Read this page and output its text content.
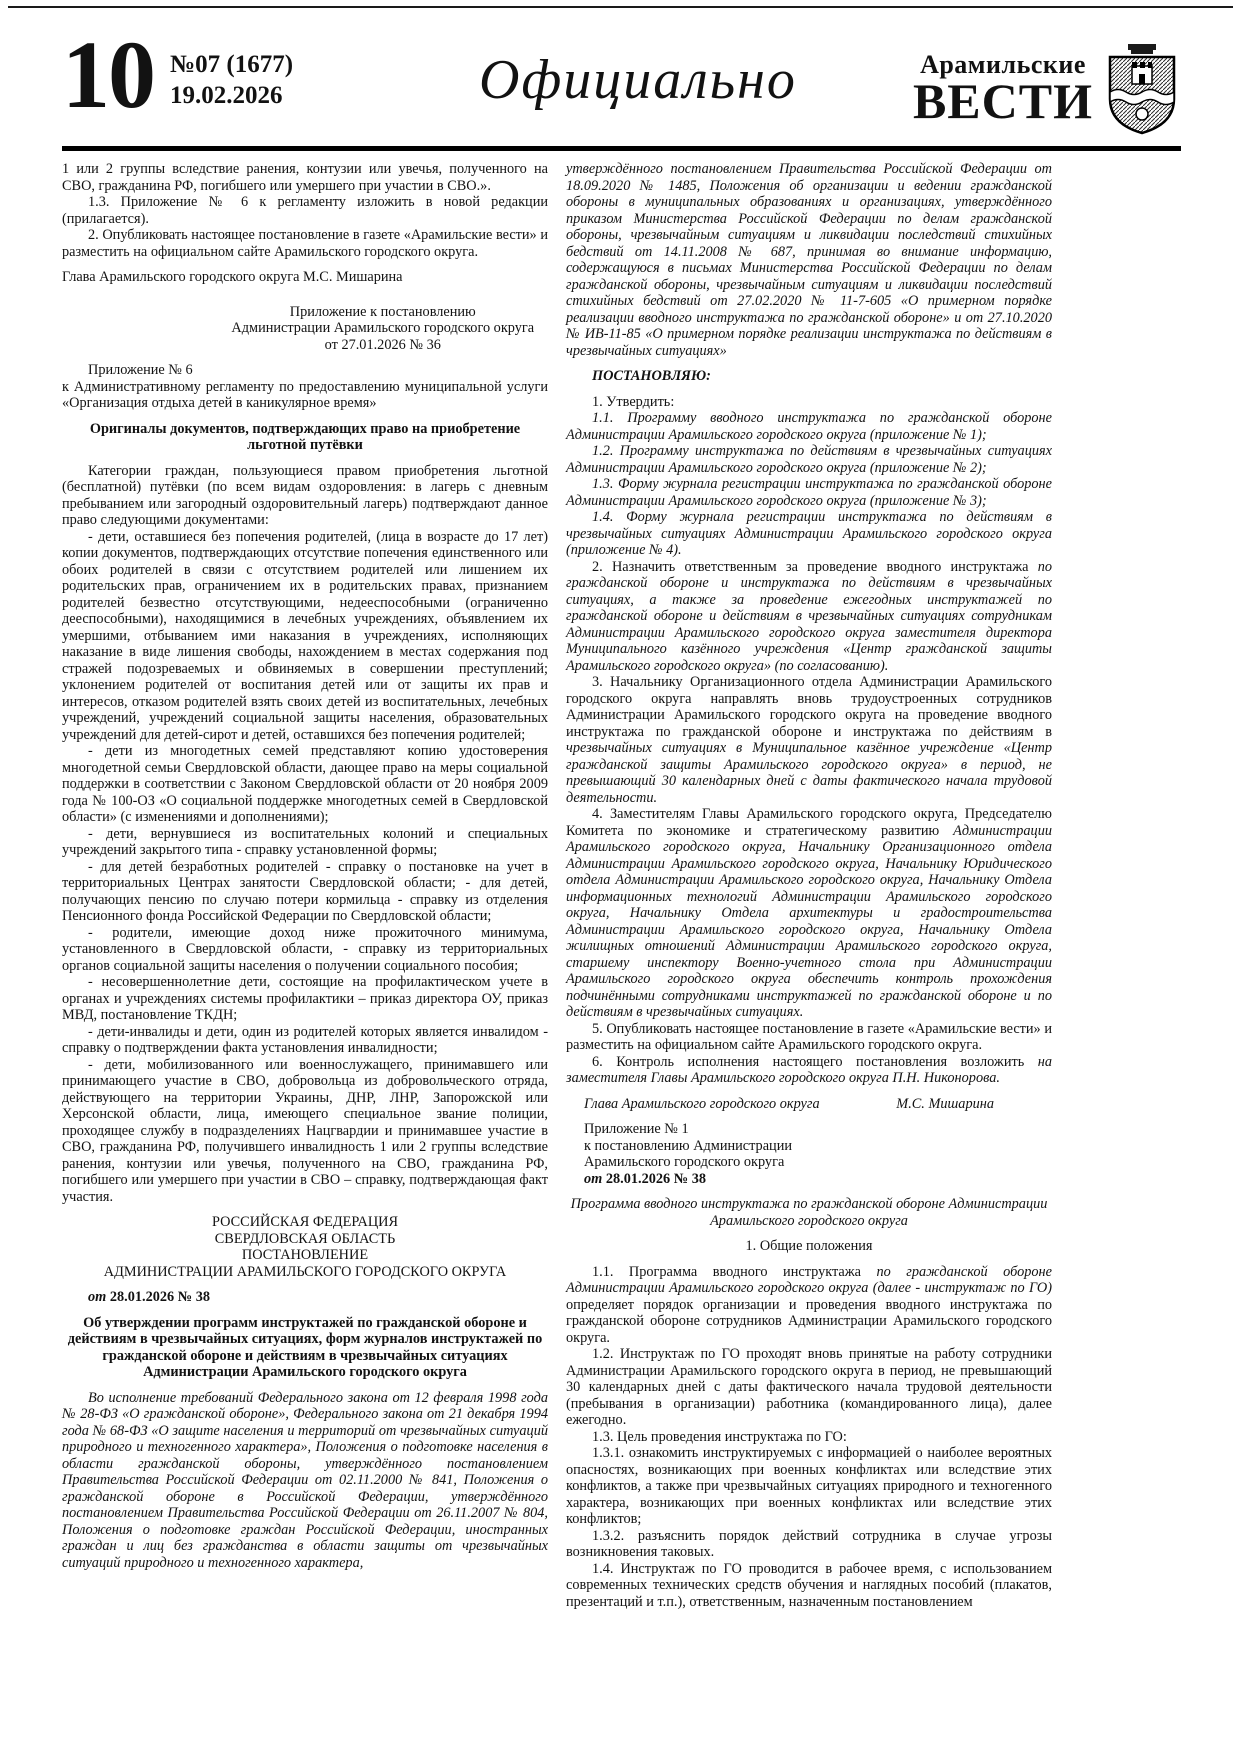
10 №07 (1677)
19.02.2026	Официально	Арамильские
ВЕСТИ
1 или 2 группы вследствие ранения, контузии или увечья, полученного на СВО, гражданина РФ, погибшего или умершего при участии в СВО.».
1.3. Приложение № 6 к регламенту изложить в новой редакции (прилагается).
2. Опубликовать настоящее постановление в газете «Арамильские вести» и разместить на официальном сайте Арамильского городского округа.
Глава Арамильского городского округа М.С. Мишарина
Приложение к постановлению
Администрации Арамильского городского округа
от 27.01.2026 № 36
Приложение № 6
к Административному регламенту по предоставлению муниципальной услуги «Организация отдыха детей в каникулярное время»
Оригиналы документов, подтверждающих право на приобретение льготной путёвки
Категории граждан, пользующиеся правом приобретения льготной (бесплатной) путёвки (по всем видам оздоровления: в лагерь с дневным пребыванием или загородный оздоровительный лагерь) подтверждают данное право следующими документами:
- дети, оставшиеся без попечения родителей, (лица в возрасте до 17 лет) копии документов, подтверждающих отсутствие попечения единственного или обоих родителей в связи с отсутствием родителей или лишением их родительских прав, ограничением их в родительских правах, признанием родителей безвестно отсутствующими, недееспособными (ограниченно дееспособными), находящимися в лечебных учреждениях, объявлением их умершими, отбыванием ими наказания в учреждениях, исполняющих наказание в виде лишения свободы, нахождением в местах содержания под стражей подозреваемых и обвиняемых в совершении преступлений; уклонением родителей от воспитания детей или от защиты их прав и интересов, отказом родителей взять своих детей из воспитательных, лечебных учреждений, учреждений социальной защиты населения, образовательных учреждений для детей-сирот и детей, оставшихся без попечения родителей;
- дети из многодетных семей представляют копию удостоверения многодетной семьи Свердловской области, дающее право на меры социальной поддержки в соответствии с Законом Свердловской области от 20 ноября 2009 года № 100-ОЗ «О социальной поддержке многодетных семей в Свердловской области» (с изменениями и дополнениями);
- дети, вернувшиеся из воспитательных колоний и специальных учреждений закрытого типа - справку установленной формы;
- для детей безработных родителей - справку о постановке на учет в территориальных Центрах занятости Свердловской области; - для детей, получающих пенсию по случаю потери кормильца - справку из отделения Пенсионного фонда Российской Федерации по Свердловской области;
- родители, имеющие доход ниже прожиточного минимума, установленного в Свердловской области, - справку из территориальных органов социальной защиты населения о получении социального пособия;
- несовершеннолетние дети, состоящие на профилактическом учете в органах и учреждениях системы профилактики – приказ директора ОУ, приказ МВД, постановление ТКДН;
- дети-инвалиды и дети, один из родителей которых является инвалидом - справку о подтверждении факта установления инвалидности;
- дети, мобилизованного или военнослужащего, принимавшего или принимающего участие в СВО, добровольца из добровольческого отряда, действующего на территории Украины, ДНР, ЛНР, Запорожской или Херсонской области, лица, имеющего специальное звание полиции, проходящее службу в подразделениях Нацгвардии и принимавшее участие в СВО, гражданина РФ, получившего инвалидность 1 или 2 группы вследствие ранения, контузии или увечья, полученного на СВО, гражданина РФ, погибшего или умершего при участии в СВО – справку, подтверждающая факт участия.
РОССИЙСКАЯ ФЕДЕРАЦИЯ
СВЕРДЛОВСКАЯ ОБЛАСТЬ
ПОСТАНОВЛЕНИЕ
АДМИНИСТРАЦИИ АРАМИЛЬСКОГО ГОРОДСКОГО ОКРУГА
от 28.01.2026 № 38
Об утверждении программ инструктажей по гражданской обороне и действиям в чрезвычайных ситуациях, форм журналов инструктажей по гражданской обороне и действиям в чрезвычайных ситуациях Администрации Арамильского городского округа
Во исполнение требований Федерального закона от 12 февраля 1998 года № 28-ФЗ «О гражданской обороне», Федерального закона от 21 декабря 1994 года № 68-ФЗ «О защите населения и территорий от чрезвычайных ситуаций природного и техногенного характера», Положения о подготовке населения в области гражданской обороны, утверждённого постановлением Правительства Российской Федерации от 02.11.2000 № 841, Положения о гражданской обороне в Российской Федерации, утверждённого постановлением Правительства Российской Федерации от 26.11.2007 № 804, Положения о подготовке граждан Российской Федерации, иностранных граждан и лиц без гражданства в области защиты от чрезвычайных ситуаций природного и техногенного характера,
утверждённого постановлением Правительства Российской Федерации от 18.09.2020 № 1485, Положения об организации и ведении гражданской обороны в муниципальных образованиях и организациях, утверждённого приказом Министерства Российской Федерации по делам гражданской обороны, чрезвычайным ситуациям и ликвидации последствий стихийных бедствий от 14.11.2008 № 687, принимая во внимание информацию, содержащуюся в письмах Министерства Российской Федерации по делам гражданской обороны, чрезвычайным ситуациям и ликвидации последствий стихийных бедствий от 27.02.2020 № 11-7-605 «О примерном порядке реализации вводного инструктажа по гражданской обороне» и от 27.10.2020 № ИВ-11-85 «О примерном порядке реализации инструктажа по действиям в чрезвычайных ситуациях»
ПОСТАНОВЛЯЮ:
1. Утвердить:
1.1. Программу вводного инструктажа по гражданской обороне Администрации Арамильского городского округа (приложение № 1);
1.2. Программу инструктажа по действиям в чрезвычайных ситуациях Администрации Арамильского городского округа (приложение № 2);
1.3. Форму журнала регистрации инструктажа по гражданской обороне Администрации Арамильского городского округа (приложение № 3);
1.4. Форму журнала регистрации инструктажа по действиям в чрезвычайных ситуациях Администрации Арамильского городского округа (приложение № 4).
2. Назначить ответственным за проведение вводного инструктажа по гражданской обороне и инструктажа по действиям в чрезвычайных ситуациях, а также за проведение ежегодных инструктажей по гражданской обороне и действиям в чрезвычайных ситуациях сотрудникам Администрации Арамильского городского округа заместителя директора Муниципального казённого учреждения «Центр гражданской защиты Арамильского городского округа» (по согласованию).
3. Начальнику Организационного отдела Администрации Арамильского городского округа направлять вновь трудоустроенных сотрудников Администрации Арамильского городского округа на проведение вводного инструктажа по гражданской обороне и инструктажа по действиям в чрезвычайных ситуациях в Муниципальное казённое учреждение «Центр гражданской защиты Арамильского городского округа» в период, не превышающий 30 календарных дней с даты фактического начала трудовой деятельности.
4. Заместителям Главы Арамильского городского округа, Председателю Комитета по экономике и стратегическому развитию Администрации Арамильского городского округа, Начальнику Организационного отдела Администрации Арамильского городского округа, Начальнику Юридического отдела Администрации Арамильского городского округа, Начальнику Отдела информационных технологий Администрации Арамильского городского округа, Начальнику Отдела архитектуры и градостроительства Администрации Арамильского городского округа, Начальнику Отдела жилищных отношений Администрации Арамильского городского округа, старшему инспектору Военно-учетного стола при Администрации Арамильского городского округа обеспечить контроль прохождения подчинёнными сотрудниками инструктажей по гражданской обороне и по действиям в чрезвычайных ситуациях.
5. Опубликовать настоящее постановление в газете «Арамильские вести» и разместить на официальном сайте Арамильского городского округа.
6. Контроль исполнения настоящего постановления возложить на заместителя Главы Арамильского городского округа П.Н. Никонорова.
Глава Арамильского городского округа	М.С. Мишарина
Приложение № 1
к постановлению Администрации
Арамильского городского округа
от 28.01.2026 № 38
Программа вводного инструктажа по гражданской обороне Администрации Арамильского городского округа
1. Общие положения
1.1. Программа вводного инструктажа по гражданской обороне Администрации Арамильского городского округа (далее - инструктаж по ГО) определяет порядок организации и проведения вводного инструктажа по гражданской обороне сотрудников Администрации Арамильского городского округа.
1.2. Инструктаж по ГО проходят вновь принятые на работу сотрудники Администрации Арамильского городского округа в период, не превышающий 30 календарных дней с даты фактического начала трудовой деятельности (пребывания в организации) работника (командированного лица), далее ежегодно.
1.3. Цель проведения инструктажа по ГО:
1.3.1. ознакомить инструктируемых с информацией о наиболее вероятных опасностях, возникающих при военных конфликтах или вследствие этих конфликтов, а также при чрезвычайных ситуациях природного и техногенного характера, возникающих при военных конфликтах или вследствие этих конфликтов;
1.3.2. разъяснить порядок действий сотрудника в случае угрозы возникновения таковых.
1.4. Инструктаж по ГО проводится в рабочее время, с использованием современных технических средств обучения и наглядных пособий (плакатов, презентаций и т.п.), ответственным, назначенным постановлением
